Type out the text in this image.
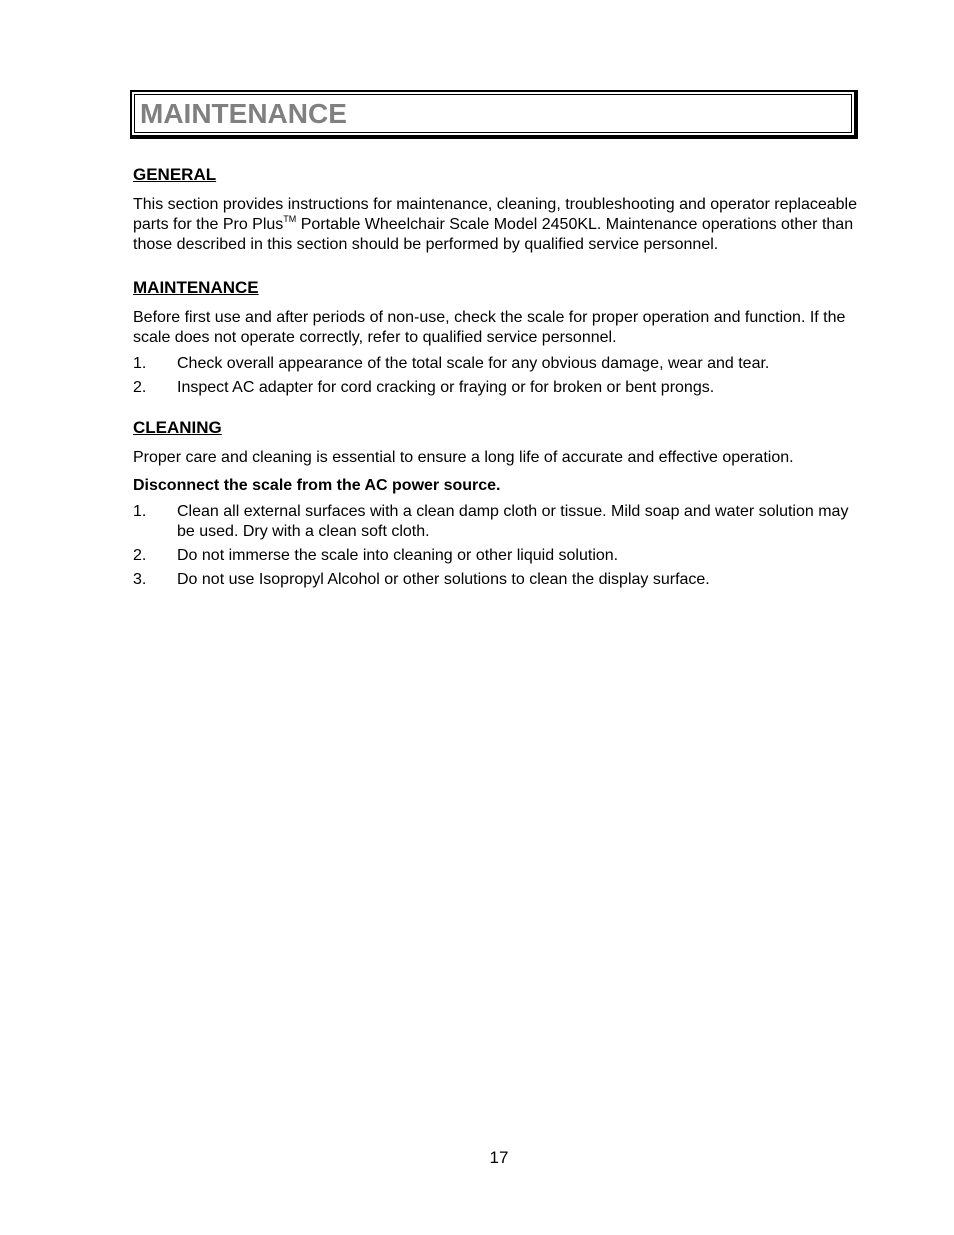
MAINTENANCE
GENERAL

This section provides instructions for maintenance, cleaning, troubleshooting and operator replaceable parts for the Pro Plus™ Portable Wheelchair Scale Model 2450KL. Maintenance operations other than those described in this section should be performed by qualified service personnel.

MAINTENANCE

Before first use and after periods of non-use, check the scale for proper operation and function. If the scale does not operate correctly, refer to qualified service personnel.

1.	Check overall appearance of the total scale for any obvious damage, wear and tear.
2.	Inspect AC adapter for cord cracking or fraying or for broken or bent prongs.
CLEANING

Proper care and cleaning is essential to ensure a long life of accurate and effective operation.

Disconnect the scale from the AC power source.

1.	Clean all external surfaces with a clean damp cloth or tissue. Mild soap and water solution may be used. Dry with a clean soft cloth.
2.	Do not immerse the scale into cleaning or other liquid solution.
3.	Do not use Isopropyl Alcohol or other solutions to clean the display surface.
17
